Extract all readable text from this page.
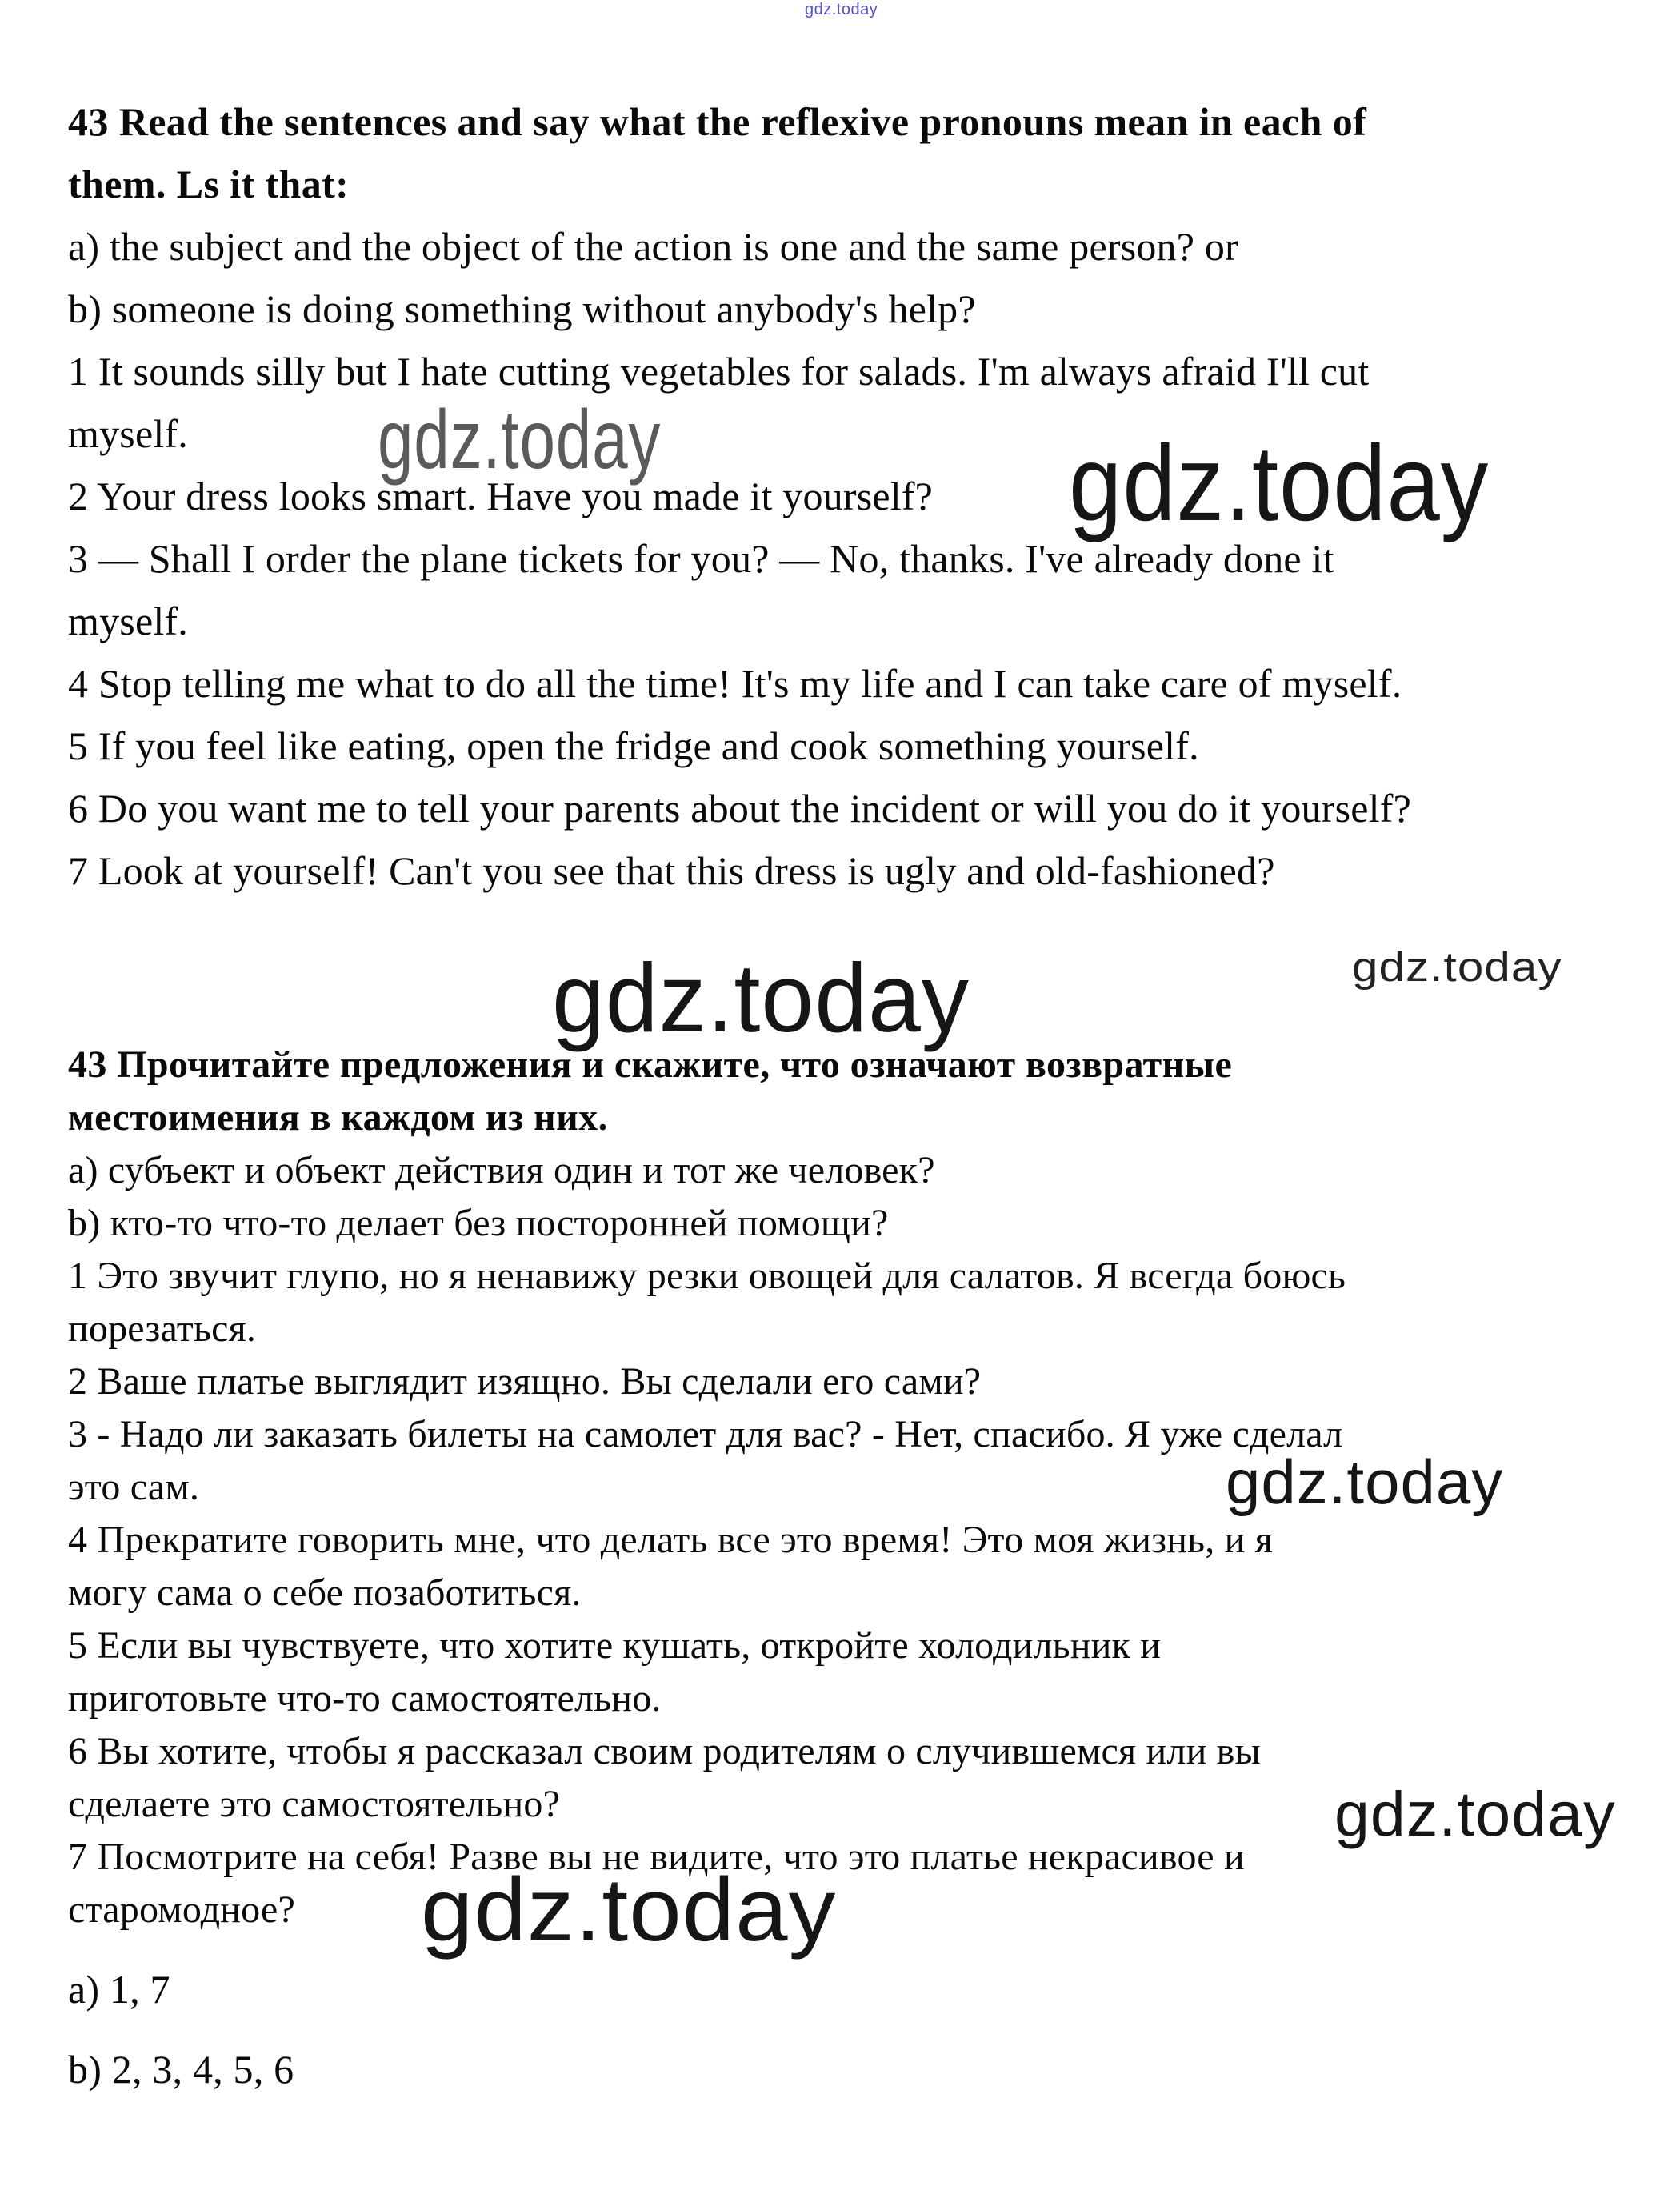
gdz.today
gdz.today	gdz.today
gdz.today	gdz.today
gdz.today
gdz.today
gdz.today
43 Read the sentences and say what the reflexive pronouns mean in each of
them. Ls it that:
a) the subject and the object of the action is one and the same person? or
b) someone is doing something without anybody's help?
1 It sounds silly but I hate cutting vegetables for salads. I'm always afraid I'll cut
myself.
2 Your dress looks smart. Have you made it yourself?
3 — Shall I order the plane tickets for you? — No, thanks. I've already done it
myself.
4 Stop telling me what to do all the time! It's my life and I can take care of myself.
5 If you feel like eating, open the fridge and cook something yourself.
6 Do you want me to tell your parents about the incident or will you do it yourself?
7 Look at yourself! Can't you see that this dress is ugly and old-fashioned?
43 Прочитайте предложения и скажите, что означают возвратные
местоимения в каждом из них.
a) субъект и объект действия один и тот же человек?
b) кто-то что-то делает без посторонней помощи?
1 Это звучит глупо, но я ненавижу резки овощей для салатов. Я всегда боюсь
порезаться.
2 Ваше платье выглядит изящно. Вы сделали его сами?
3 - Надо ли заказать билеты на самолет для вас? - Нет, спасибо. Я уже сделал
это сам.
4 Прекратите говорить мне, что делать все это время! Это моя жизнь, и я
могу сама о себе позаботиться.
5 Если вы чувствуете, что хотите кушать, откройте холодильник и
приготовьте что-то самостоятельно.
6 Вы хотите, чтобы я рассказал своим родителям о случившемся или вы
сделаете это самостоятельно?
7 Посмотрите на себя! Разве вы не видите, что это платье некрасивое и
старомодное?
a) 1, 7
b) 2, 3, 4, 5, 6
